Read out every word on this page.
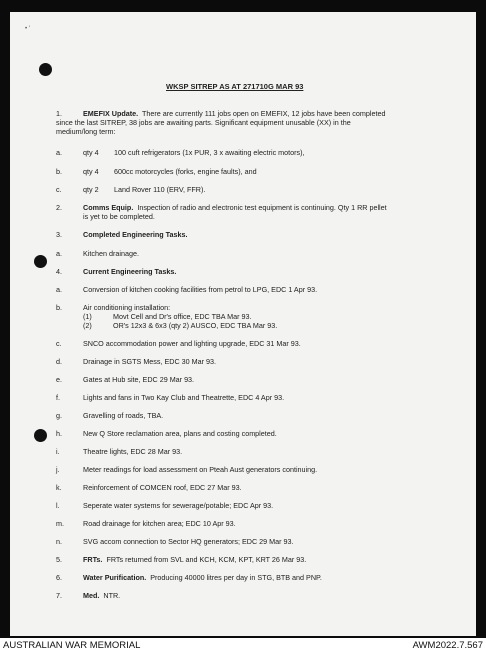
• '
WKSP SITREP AS AT 271710G MAR 93
1.	EMEFIX Update. There are currently 111 jobs open on EMEFIX, 12 jobs have been completed
since the last SITREP, 38 jobs are awaiting parts. Significant equipment unusable (XX) in the
medium/long term:
a.	qty 4 100 cuft refrigerators (1x PUR, 3 x awaiting electric motors),
b.	qty 4 600cc motorcycles (forks, engine faults), and
c.	qty 2 Land Rover 110 (ERV, FFR).
2.	Comms Equip. Inspection of radio and electronic test equipment is continuing. Qty 1 RR pellet
is yet to be completed.
3.	Completed Engineering Tasks.
a.	Kitchen drainage.
4.	Current Engineering Tasks.
a.	Conversion of kitchen cooking facilities from petrol to LPG, EDC 1 Apr 93.
b.	Air conditioning installation:
(1)	Movt Cell and Dr's office, EDC TBA Mar 93.
(2)	OR's 12x3 & 6x3 (qty 2) AUSCO, EDC TBA Mar 93.
c.	SNCO accommodation power and lighting upgrade, EDC 31 Mar 93.
d.	Drainage in SGTS Mess, EDC 30 Mar 93.
e.	Gates at Hub site, EDC 29 Mar 93.
f.	Lights and fans in Two Kay Club and Theatrette, EDC 4 Apr 93.
g.	Gravelling of roads, TBA.
h.	New Q Store reclamation area, plans and costing completed.
i.	Theatre lights, EDC 28 Mar 93.
j.	Meter readings for load assessment on Pteah Aust generators continuing.
k.	Reinforcement of COMCEN roof, EDC 27 Mar 93.
l.	Seperate water systems for sewerage/potable; EDC Apr 93.
m.	Road drainage for kitchen area; EDC 10 Apr 93.
n.	SVG accom connection to Sector HQ generators; EDC 29 Mar 93.
5.	FRTs. FRTs returned from SVL and KCH, KCM, KPT, KRT 26 Mar 93.
6.	Water Purification. Producing 40000 litres per day in STG, BTB and PNP.
7.	Med. NTR.
AUSTRALIAN WAR MEMORIAL	AWM2022.7.567
